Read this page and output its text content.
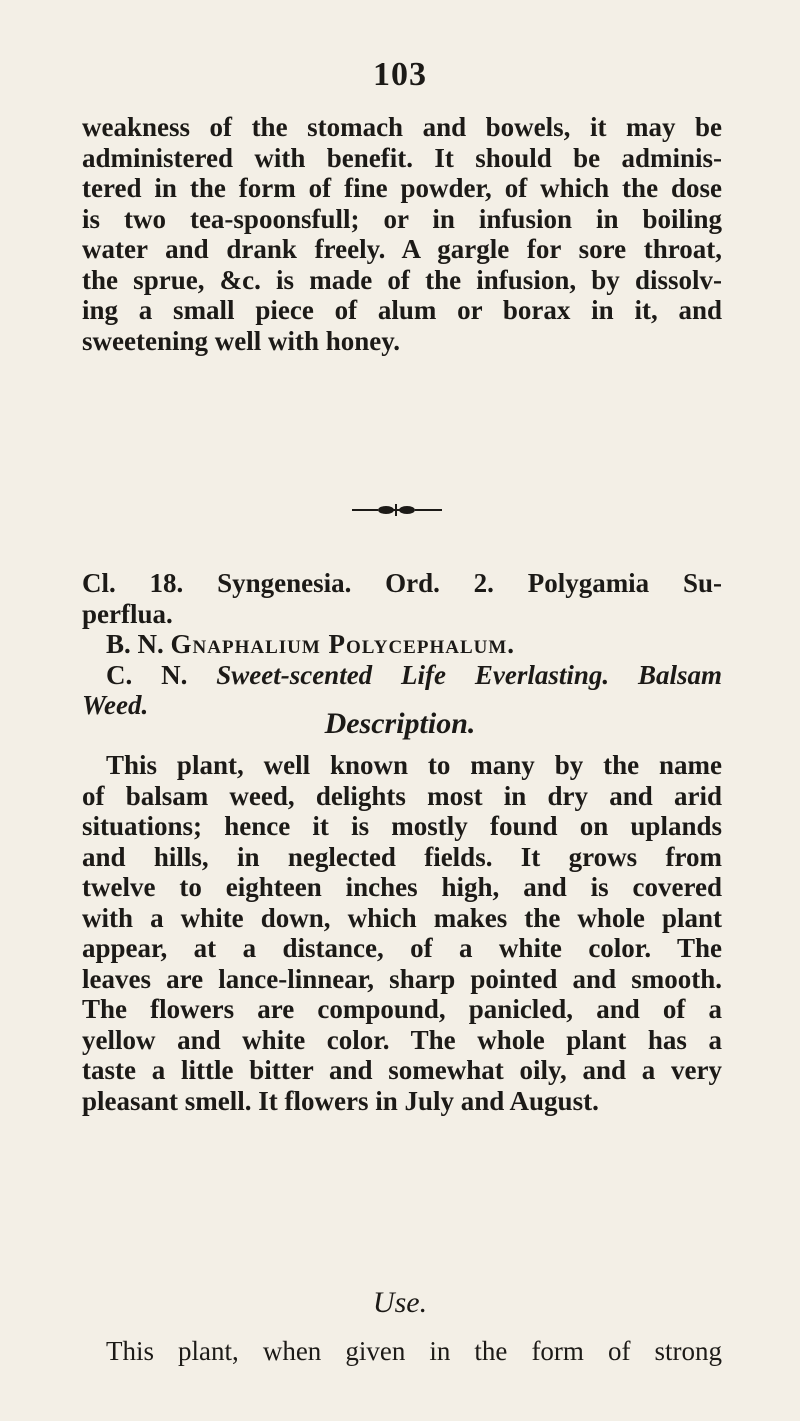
103
weakness of the stomach and bowels, it may be
administered with benefit. It should be adminis-
tered in the form of fine powder, of which the dose
is two tea-spoonsfull; or in infusion in boiling
water and drank freely. A gargle for sore throat,
the sprue, &c. is made of the infusion, by dissolv-
ing a small piece of alum or borax in it, and
sweetening well with honey.
Cl. 18. Syngenesia. Ord. 2. Polygamia Su-
perflua.
B. N. Gnaphalium Polycephalum.
C. N. Sweet-scented Life Everlasting. Balsam
Weed.
Description.
This plant, well known to many by the name
of balsam weed, delights most in dry and arid
situations; hence it is mostly found on uplands
and hills, in neglected fields. It grows from
twelve to eighteen inches high, and is covered
with a white down, which makes the whole plant
appear, at a distance, of a white color. The
leaves are lance-linnear, sharp pointed and smooth.
The flowers are compound, panicled, and of a
yellow and white color. The whole plant has a
taste a little bitter and somewhat oily, and a very
pleasant smell. It flowers in July and August.
Use.
This plant, when given in the form of strong
